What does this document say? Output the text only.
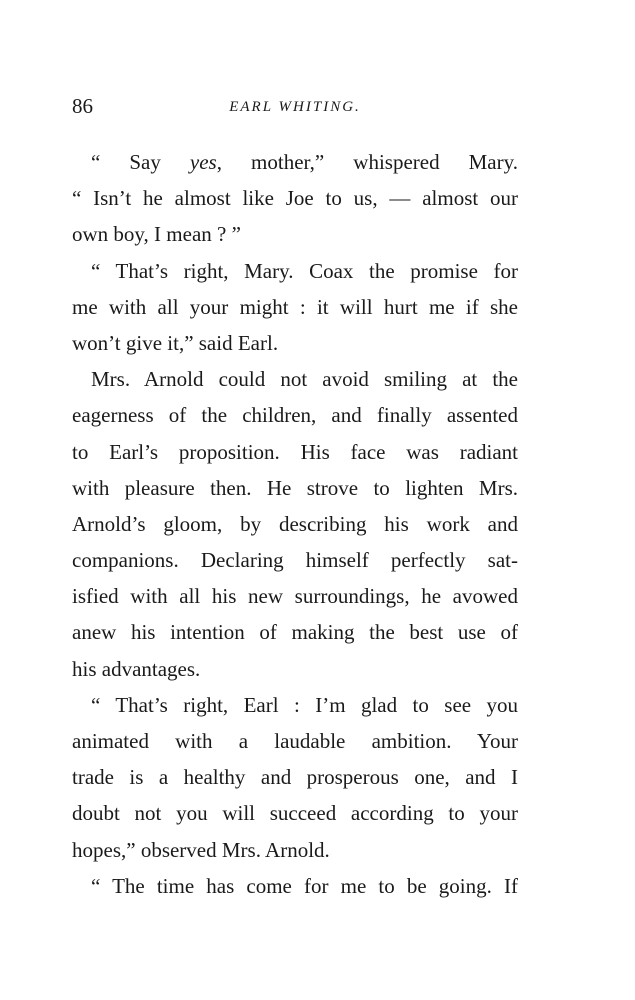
86	EARL WHITING.
“ Say yes, mother,” whispered Mary.
“ Isn’t he almost like Joe to us, — almost our
own boy, I mean ? ”
“ That’s right, Mary. Coax the promise for
me with all your might : it will hurt me if she
won’t give it,” said Earl.
Mrs. Arnold could not avoid smiling at the
eagerness of the children, and finally assented
to Earl’s proposition. His face was radiant
with pleasure then. He strove to lighten Mrs.
Arnold’s gloom, by describing his work and
companions. Declaring himself perfectly sat-
isfied with all his new surroundings, he avowed
anew his intention of making the best use of
his advantages.
“ That’s right, Earl : I’m glad to see you
animated with a laudable ambition. Your
trade is a healthy and prosperous one, and I
doubt not you will succeed according to your
hopes,” observed Mrs. Arnold.
“ The time has come for me to be going. If
